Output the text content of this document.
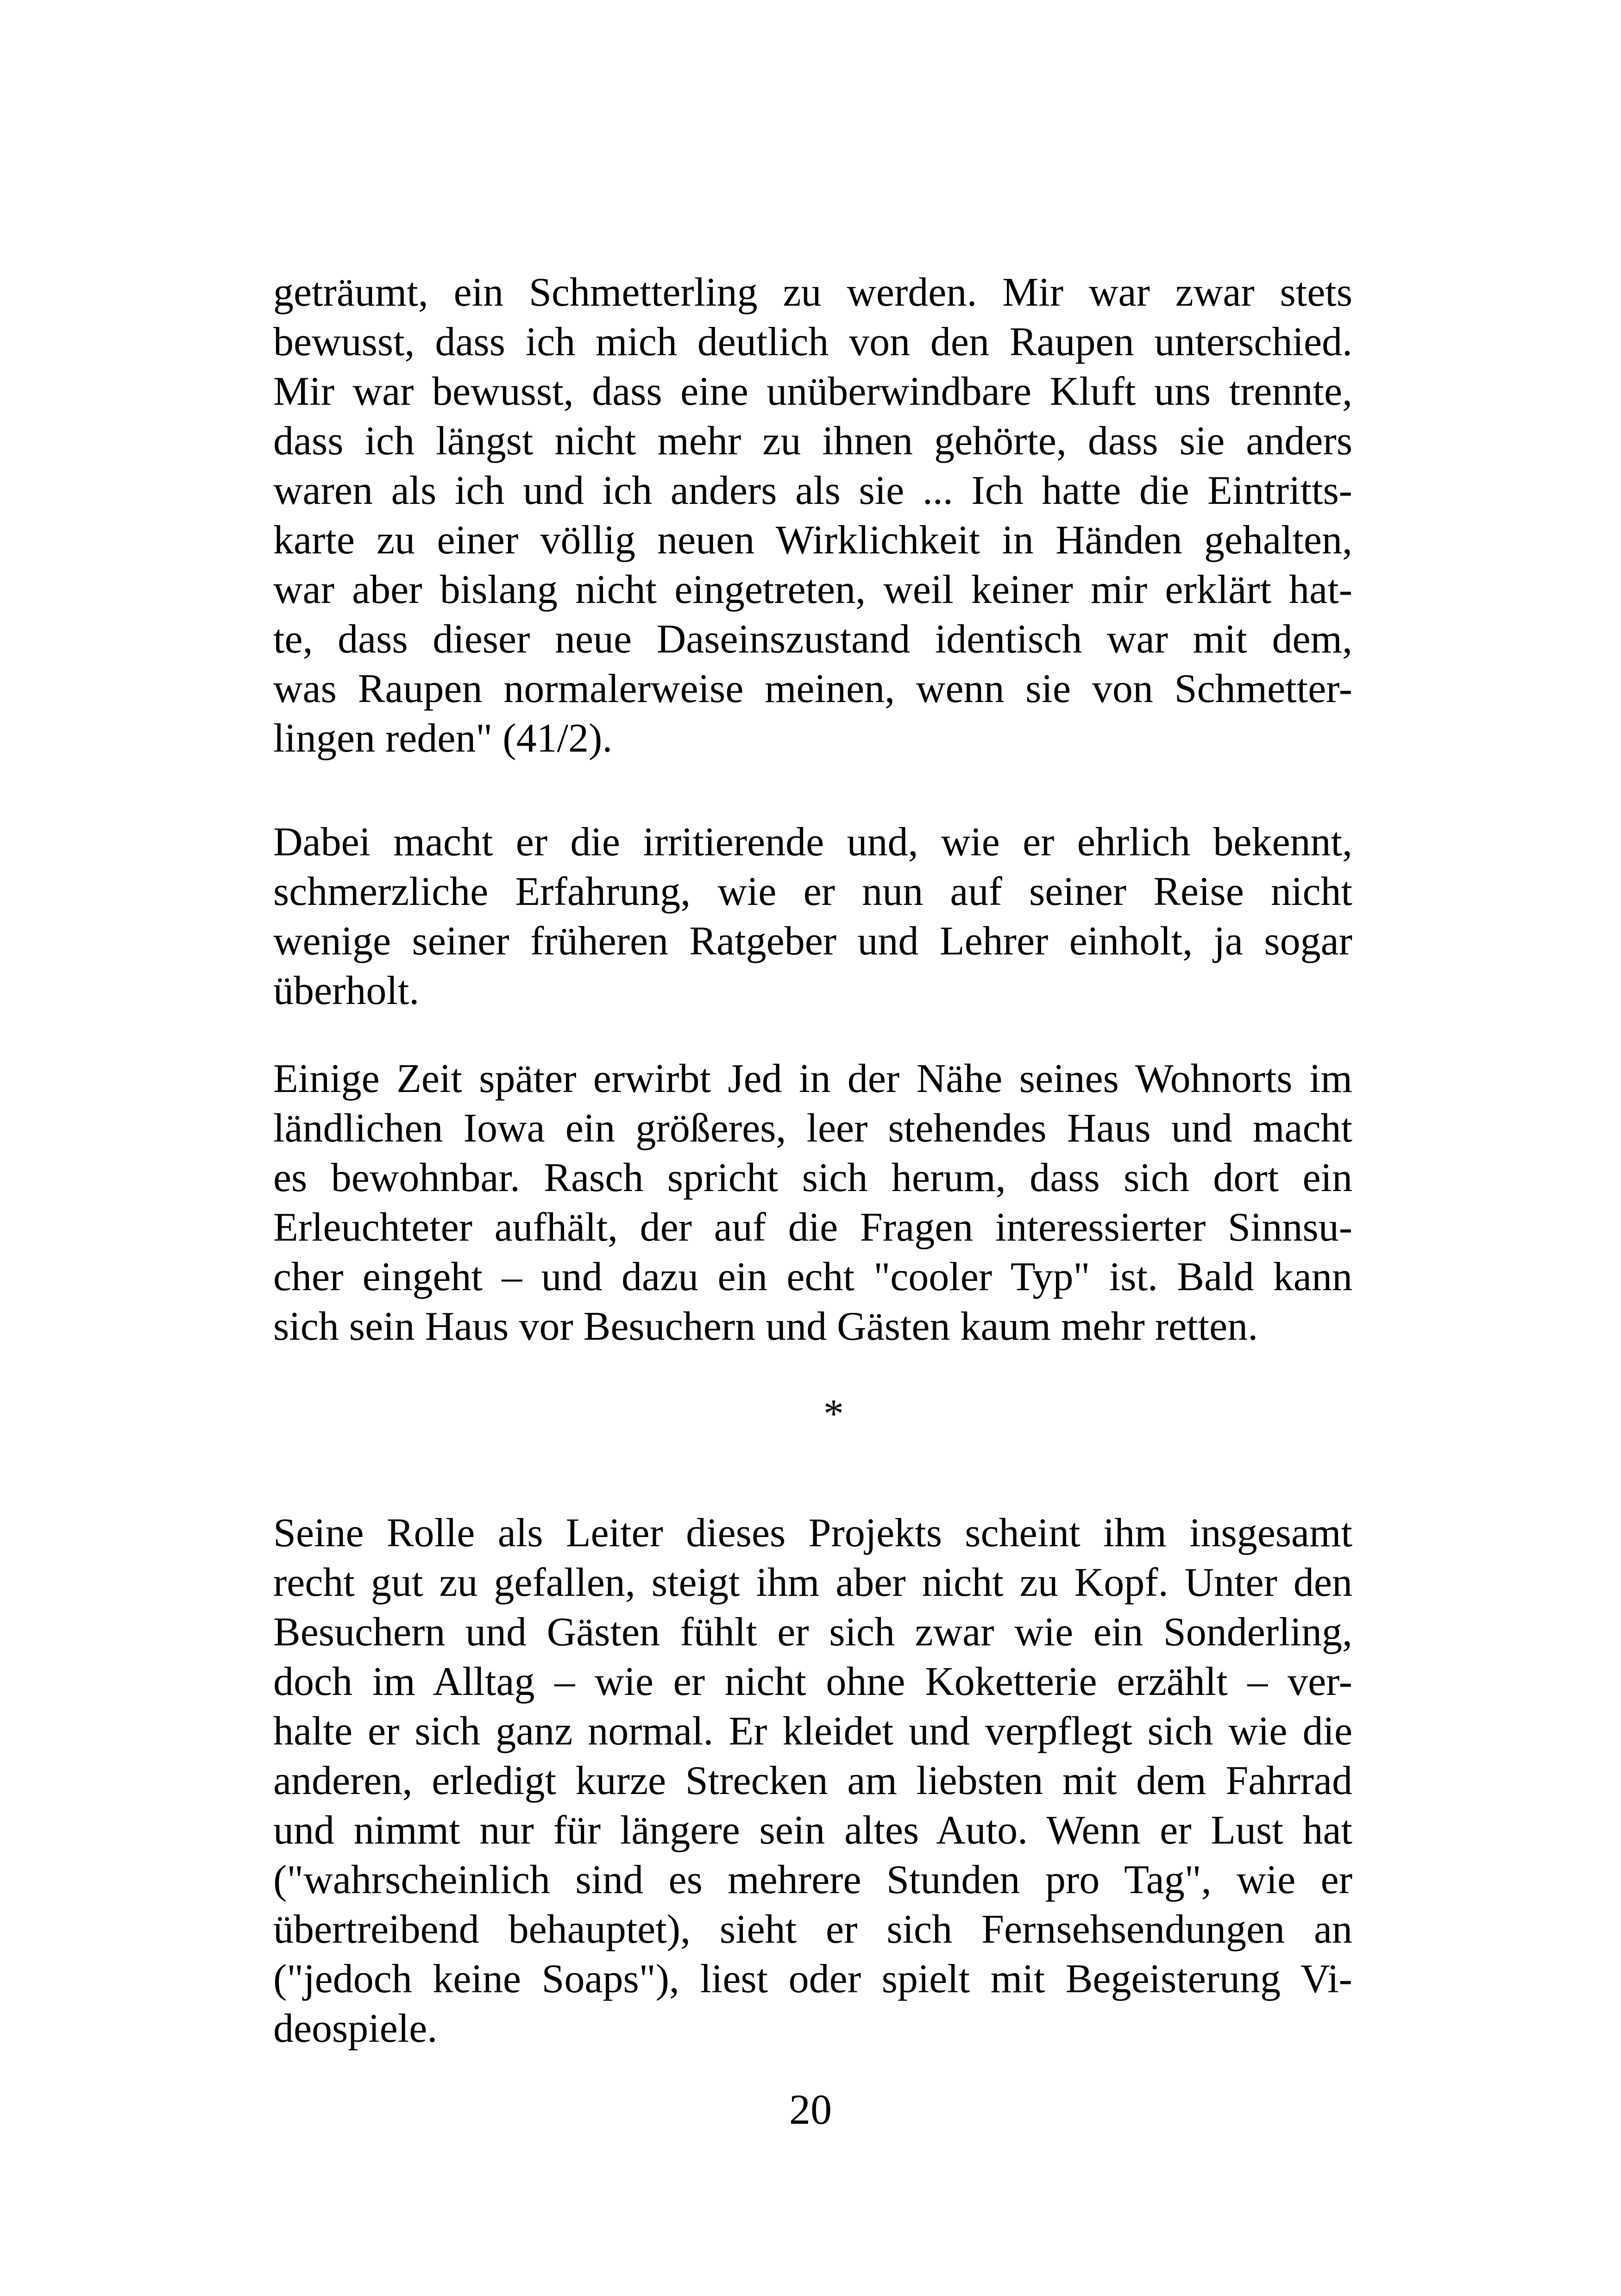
geträumt, ein Schmetterling zu werden. Mir war zwar stets
bewusst, dass ich mich deutlich von den Raupen unterschied.
Mir war bewusst, dass eine unüberwindbare Kluft uns trennte,
dass ich längst nicht mehr zu ihnen gehörte, dass sie anders
waren als ich und ich anders als sie ... Ich hatte die Eintritts-
karte zu einer völlig neuen Wirklichkeit in Händen gehalten,
war aber bislang nicht eingetreten, weil keiner mir erklärt hat-
te, dass dieser neue Daseinszustand identisch war mit dem,
was Raupen normalerweise meinen, wenn sie von Schmetter-
lingen reden" (41/2).
Dabei macht er die irritierende und, wie er ehrlich bekennt,
schmerzliche Erfahrung, wie er nun auf seiner Reise nicht
wenige seiner früheren Ratgeber und Lehrer einholt, ja sogar
überholt.
Einige Zeit später erwirbt Jed in der Nähe seines Wohnorts im
ländlichen Iowa ein größeres, leer stehendes Haus und macht
es bewohnbar. Rasch spricht sich herum, dass sich dort ein
Erleuchteter aufhält, der auf die Fragen interessierter Sinnsu-
cher eingeht – und dazu ein echt "cooler Typ" ist. Bald kann
sich sein Haus vor Besuchern und Gästen kaum mehr retten.
*
Seine Rolle als Leiter dieses Projekts scheint ihm insgesamt
recht gut zu gefallen, steigt ihm aber nicht zu Kopf. Unter den
Besuchern und Gästen fühlt er sich zwar wie ein Sonderling,
doch im Alltag – wie er nicht ohne Koketterie erzählt – ver-
halte er sich ganz normal. Er kleidet und verpflegt sich wie die
anderen, erledigt kurze Strecken am liebsten mit dem Fahrrad
und nimmt nur für längere sein altes Auto. Wenn er Lust hat
("wahrscheinlich sind es mehrere Stunden pro Tag", wie er
übertreibend behauptet), sieht er sich Fernsehsendungen an
("jedoch keine Soaps"), liest oder spielt mit Begeisterung Vi-
deospiele.
20
